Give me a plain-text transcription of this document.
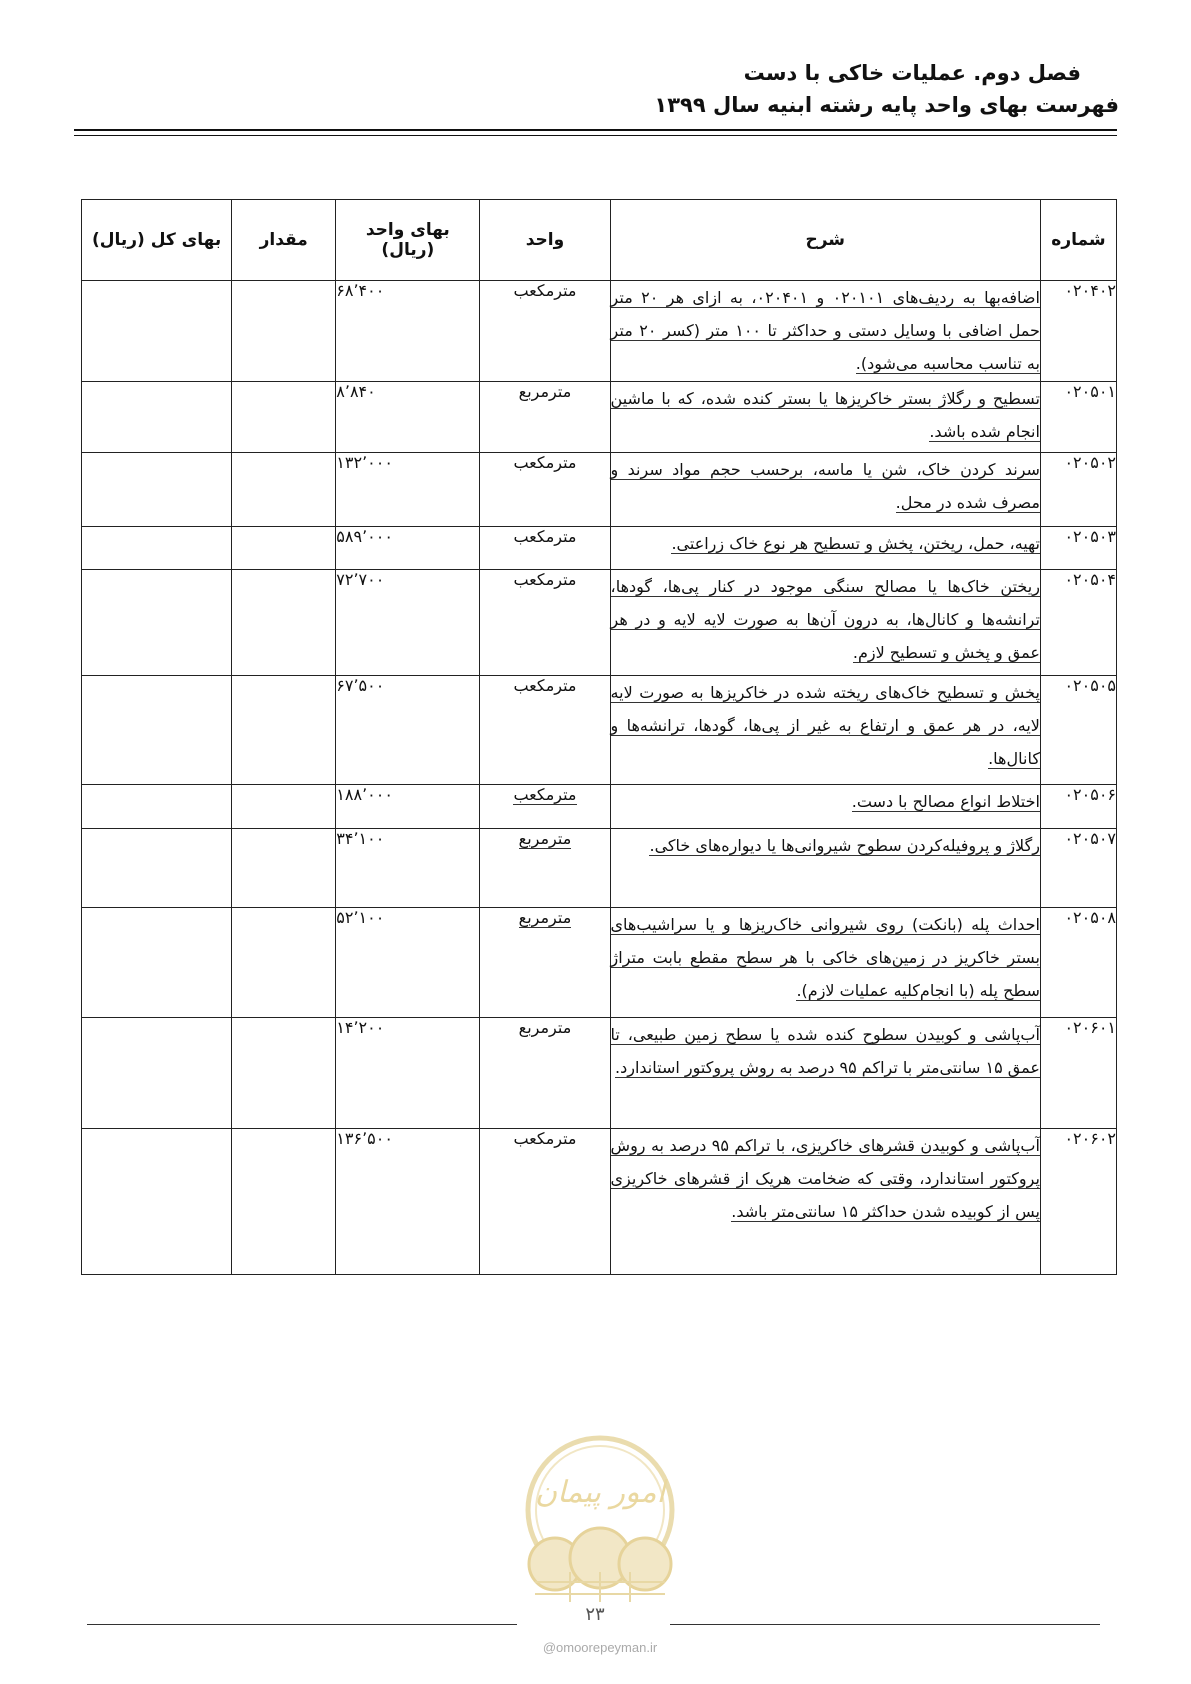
فصل دوم. عملیات خاکی با دست
فهرست بهای واحد پایه رشته ابنیه سال ۱۳۹۹
شماره	شرح	واحد	بهای واحد (ریال)	مقدار	بهای کل (ریال)
۰۲۰۴۰۲	اضافه‌بها به ردیف‌های ۰۲۰۱۰۱ و ۰۲۰۴۰۱، به ازای هر ۲۰ متر حمل اضافی با وسایل دستی و حداکثر تا ۱۰۰ متر (کسر ۲۰ متر به تناسب محاسبه می‌شود).	مترمکعب	۶۸٬۴۰۰		
۰۲۰۵۰۱	تسطیح و رگلاژ بستر خاکریزها یا بستر کنده شده، که با ماشین انجام شده باشد.	مترمربع	۸٬۸۴۰		
۰۲۰۵۰۲	سرند کردن خاک، شن یا ماسه، برحسب حجم مواد سرند و مصرف شده در محل.	مترمکعب	۱۳۲٬۰۰۰		
۰۲۰۵۰۳	تهیه، حمل، ریختن، پخش و تسطیح هر نوع خاک زراعتی.	مترمکعب	۵۸۹٬۰۰۰		
۰۲۰۵۰۴	ریختن خاک‌ها یا مصالح سنگی موجود در کنار پی‌ها، گودها، ترانشه‌ها و کانال‌ها، به درون آن‌ها به صورت لایه لایه و در هر عمق و پخش و تسطیح لازم.	مترمکعب	۷۲٬۷۰۰		
۰۲۰۵۰۵	پخش و تسطیح خاک‌های ریخته شده در خاکریزها به صورت لایه لایه، در هر عمق و ارتفاع به غیر از پی‌ها، گودها، ترانشه‌ها و کانال‌ها.	مترمکعب	۶۷٬۵۰۰		
۰۲۰۵۰۶	اختلاط انواع مصالح با دست.	مترمکعب	۱۸۸٬۰۰۰		
۰۲۰۵۰۷	رگلاژ و پروفیله‌کردن سطوح شیروانی‌ها یا دیواره‌های خاکی.	مترمربع	۳۴٬۱۰۰		
۰۲۰۵۰۸	احداث پله (بانکت) روی شیروانی خاک‌ریزها و یا سراشیب‌های بستر خاکریز در زمین‌های خاکی با هر سطح مقطع بابت متراژ سطح پله (با انجام‌کلیه عملیات لازم).	مترمربع	۵۲٬۱۰۰		
۰۲۰۶۰۱	آب‌پاشی و کوبیدن سطوح کنده شده یا سطح زمین طبیعی، تا عمق ۱۵ سانتی‌متر با تراکم ۹۵ درصد به روش پروکتور استاندارد.	مترمربع	۱۴٬۲۰۰		
۰۲۰۶۰۲	آب‌پاشی و کوبیدن قشرهای خاکریزی، با تراکم ۹۵ درصد به روش پروکتور استاندارد، وقتی که ضخامت هریک از قشرهای خاکریزی پس از کوبیده شدن حداکثر ۱۵ سانتی‌متر باشد.	مترمکعب	۱۳۶٬۵۰۰		
امور پیمان
۲۳
@omoorepeyman.ir
